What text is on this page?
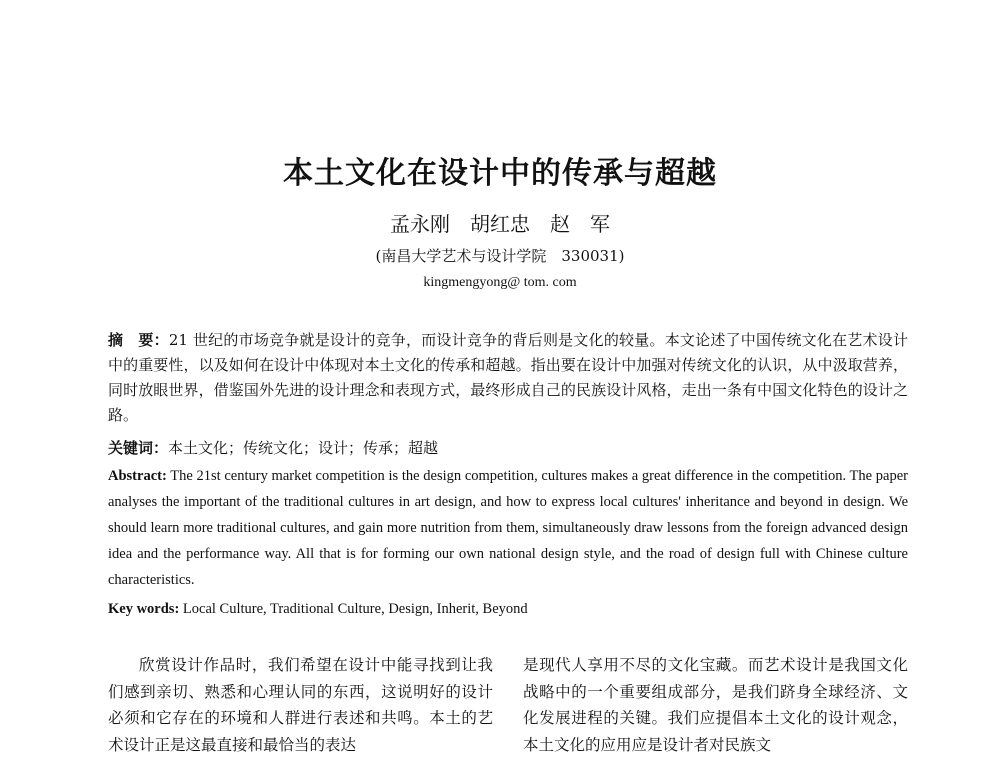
本土文化在设计中的传承与超越
孟永刚　胡红忠　赵　军
(南昌大学艺术与设计学院　330031)
kingmengyong@ tom. com

摘　要：21 世纪的市场竞争就是设计的竞争，而设计竞争的背后则是文化的较量。本文论述了中国传统文化在艺术设计中的重要性，以及如何在设计中体现对本土文化的传承和超越。指出要在设计中加强对传统文化的认识，从中汲取营养，同时放眼世界，借鉴国外先进的设计理念和表现方式，最终形成自己的民族设计风格，走出一条有中国文化特色的设计之路。

关键词：本土文化；传统文化；设计；传承；超越

Abstract: The 21st century market competition is the design competition, cultures makes a great difference in the competition. The paper analyses the important of the traditional cultures in art design, and how to express local cultures' inheritance and beyond in design. We should learn more traditional cultures, and gain more nutrition from them, simultaneously draw lessons from the foreign advanced design idea and the performance way. All that is for forming our own national design style, and the road of design full with Chinese culture characteristics.

Key words: Local Culture, Traditional Culture, Design, Inherit, Beyond

欣赏设计作品时，我们希望在设计中能寻找到让我们感到亲切、熟悉和心理认同的东西，这说明好的设计必须和它存在的环境和人群进行表述和共鸣。本土的艺术设计正是这最直接和最恰当的表达

是现代人享用不尽的文化宝藏。而艺术设计是我国文化战略中的一个重要组成部分，是我们跻身全球经济、文化发展进程的关键。我们应提倡本土文化的设计观念，本土文化的应用应是设计者对民族文
